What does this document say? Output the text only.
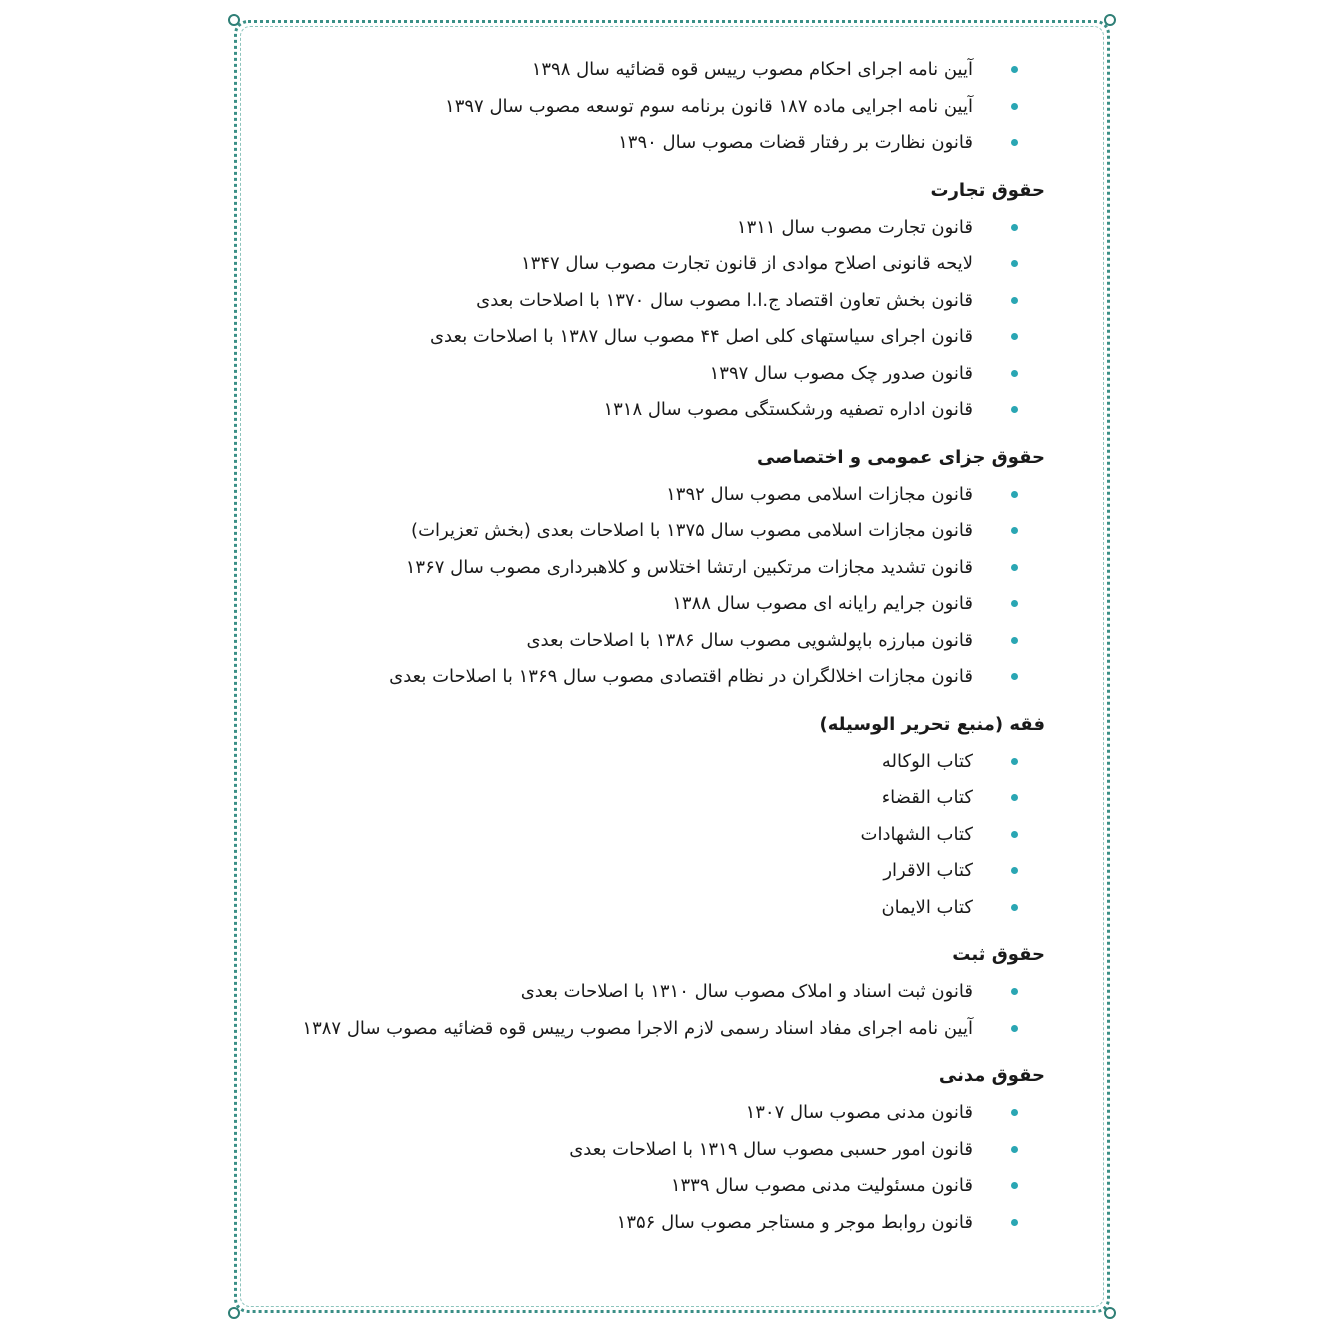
آیین نامه اجرای احکام مصوب رییس قوه قضائیه سال ۱۳۹۸
آیین نامه اجرایی ماده ۱۸۷ قانون برنامه سوم توسعه مصوب سال ۱۳۹۷
قانون نظارت بر رفتار قضات مصوب سال ۱۳۹۰
حقوق تجارت
قانون تجارت مصوب سال ۱۳۱۱
لایحه قانونی اصلاح موادی از قانون تجارت مصوب سال ۱۳۴۷
قانون بخش تعاون اقتصاد ج.ا.ا مصوب سال ۱۳۷۰ با اصلاحات بعدی
قانون اجرای سیاستهای کلی اصل ۴۴ مصوب سال ۱۳۸۷ با اصلاحات بعدی
قانون صدور چک مصوب سال ۱۳۹۷
قانون اداره تصفیه ورشکستگی مصوب سال ۱۳۱۸
حقوق جزای عمومی و اختصاصی
قانون مجازات اسلامی مصوب سال ۱۳۹۲
قانون مجازات اسلامی مصوب سال ۱۳۷۵ با اصلاحات بعدی (بخش تعزیرات)
قانون تشدید مجازات مرتکبین ارتشا اختلاس و کلاهبرداری مصوب سال ۱۳۶۷
قانون جرایم رایانه ای مصوب سال ۱۳۸۸
قانون مبارزه باپولشویی مصوب سال ۱۳۸۶ با اصلاحات بعدی
قانون مجازات اخلالگران در نظام اقتصادی مصوب سال ۱۳۶۹ با اصلاحات بعدی
فقه (منبع تحریر الوسیله)
کتاب الوکاله
کتاب القضاء
کتاب الشهادات
کتاب الاقرار
کتاب الایمان
حقوق ثبت
قانون ثبت اسناد و املاک مصوب سال ۱۳۱۰ با اصلاحات بعدی
آیین نامه اجرای مفاد اسناد رسمی لازم الاجرا مصوب رییس قوه قضائیه مصوب سال ۱۳۸۷
حقوق مدنی
قانون مدنی مصوب سال ۱۳۰۷
قانون امور حسبی مصوب سال ۱۳۱۹ با اصلاحات بعدی
قانون مسئولیت مدنی مصوب سال ۱۳۳۹
قانون روابط موجر و مستاجر مصوب سال ۱۳۵۶
